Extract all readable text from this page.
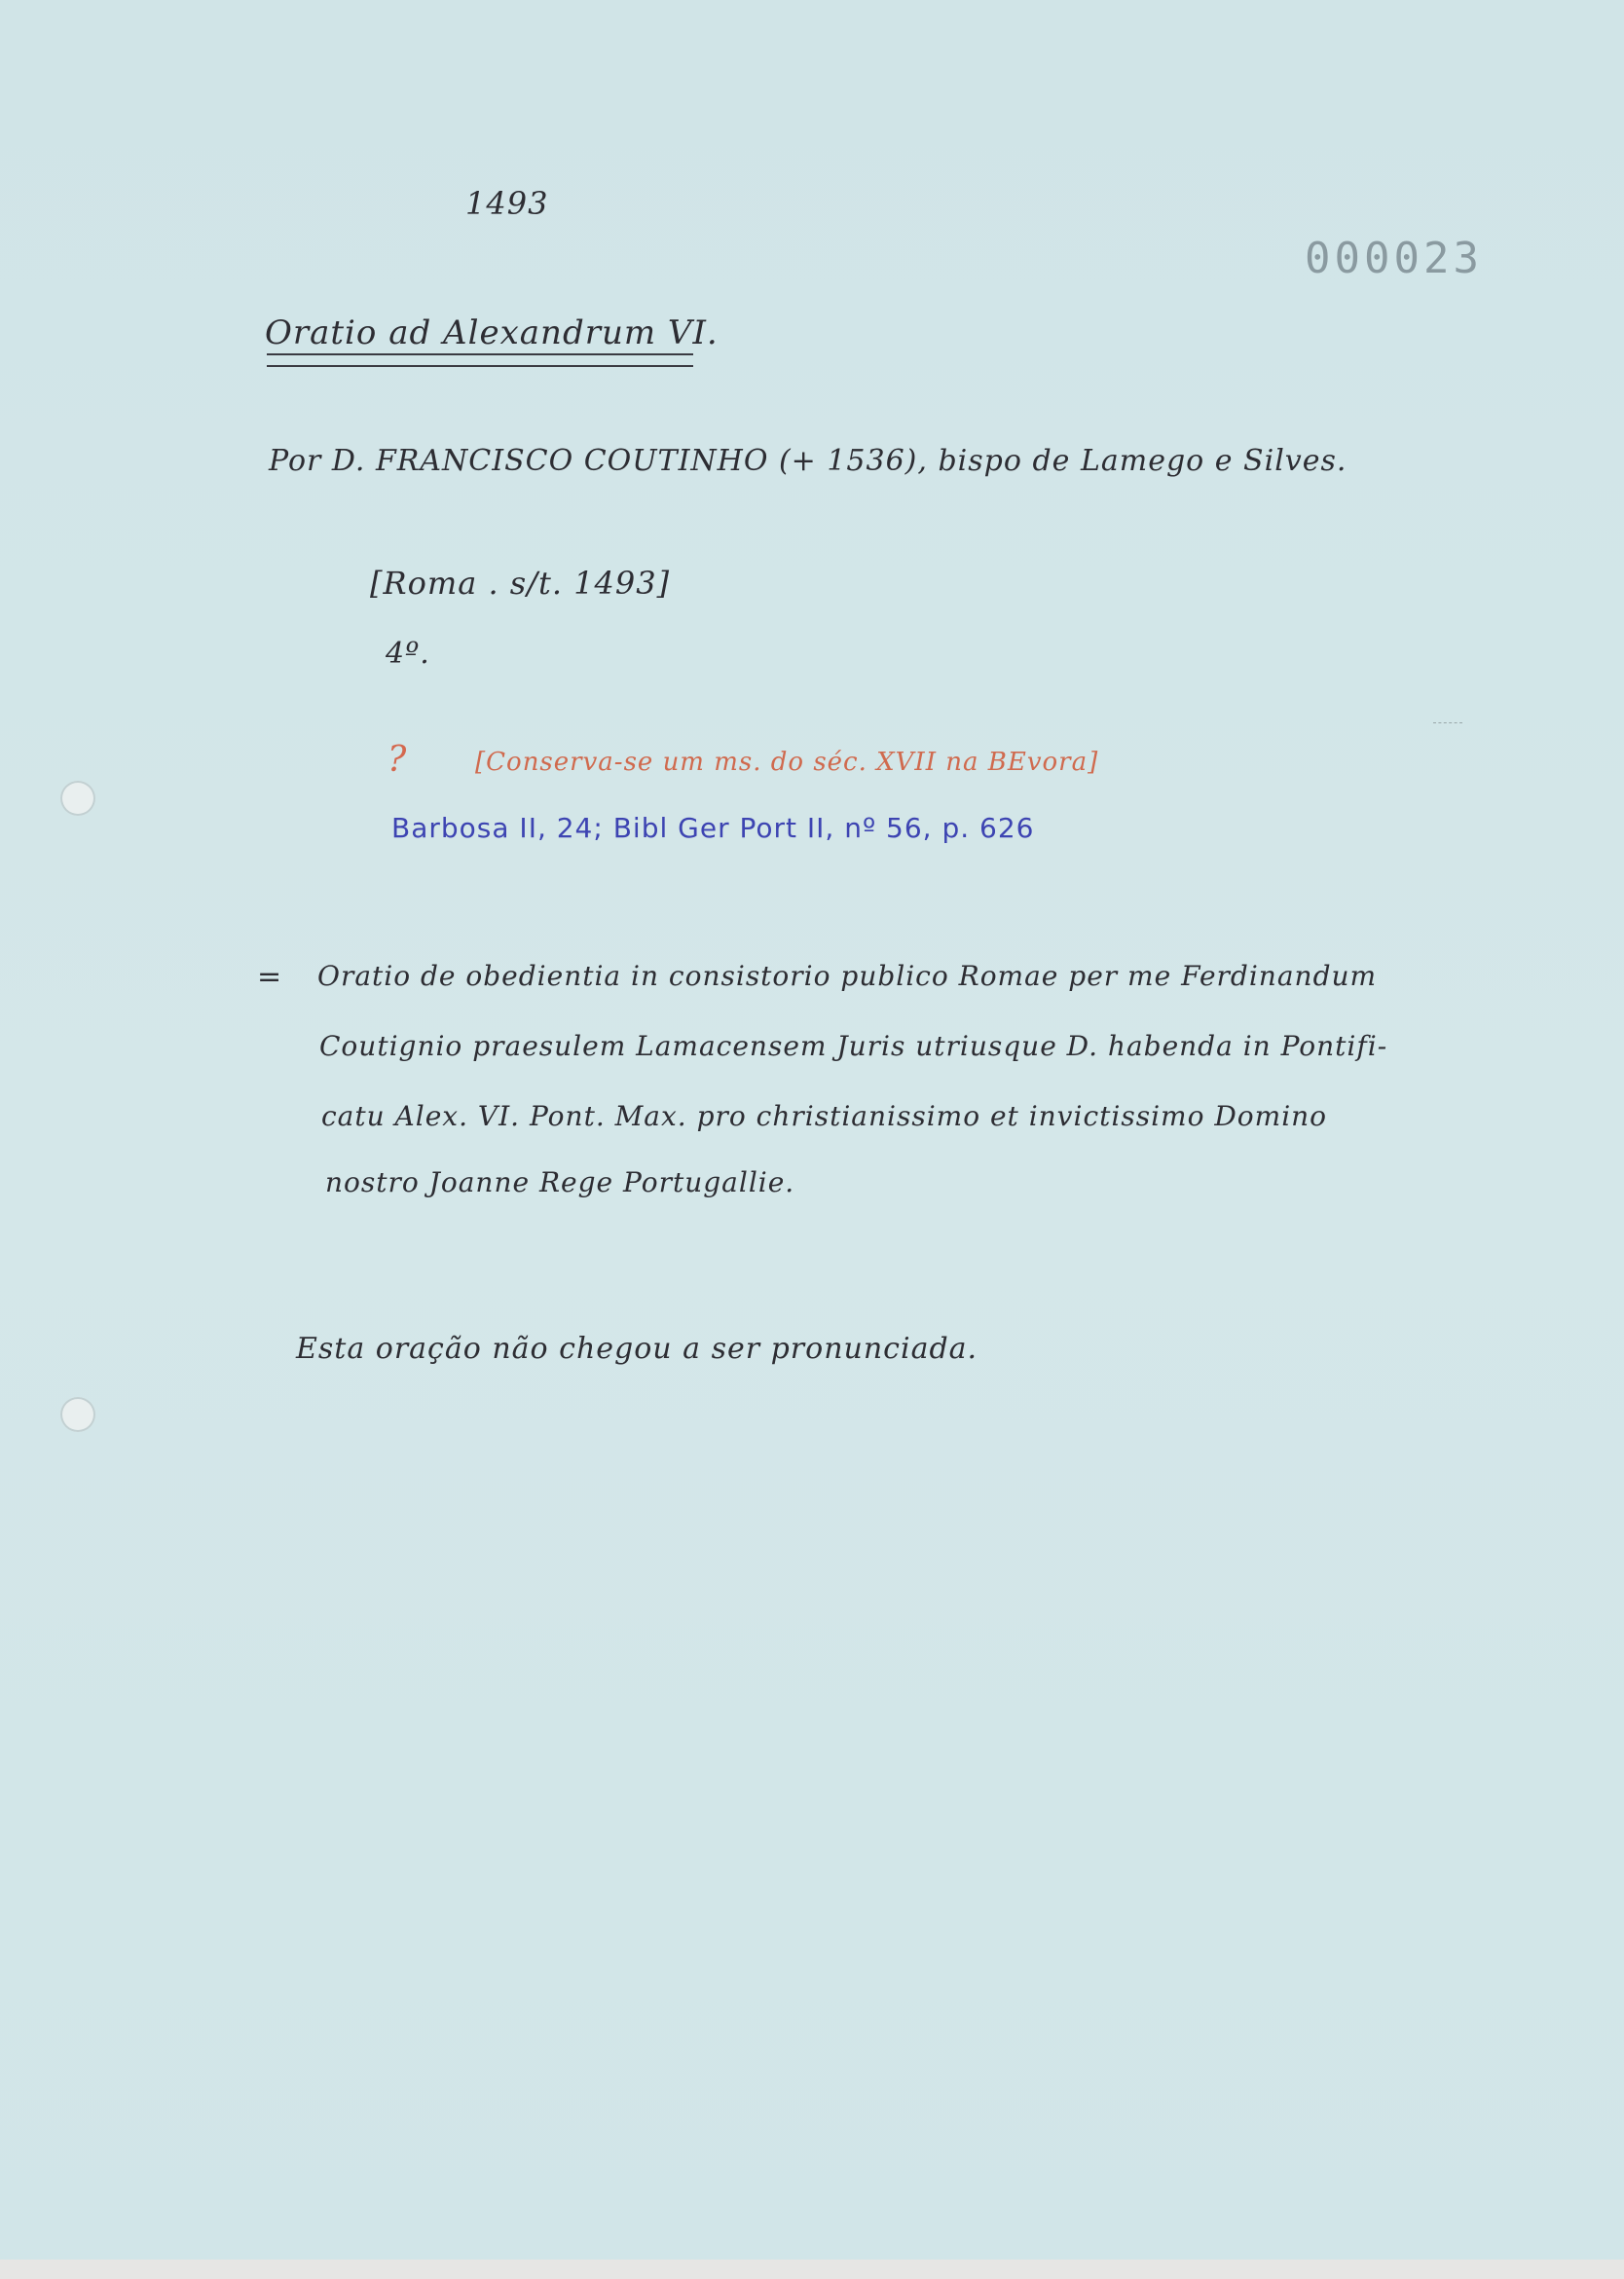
1493
000023
Oratio ad Alexandrum VI.
Por D. FRANCISCO COUTINHO (+ 1536), bispo de Lamego e Silves.
[Roma . s/t. 1493]
4º.
?	[Conserva-se um ms. do séc. XVII na BEvora]
Barbosa II, 24; Bibl Ger Port II, nº 56, p. 626
= Oratio de obedientia in consistorio publico Romae per me Ferdinandum
Coutignio praesulem Lamacensem Juris utriusque D. habenda in Pontifi-
catu Alex. VI. Pont. Max. pro christianissimo et invictissimo Domino
nostro Joanne Rege Portugallie.
Esta oração não chegou a ser pronunciada.
